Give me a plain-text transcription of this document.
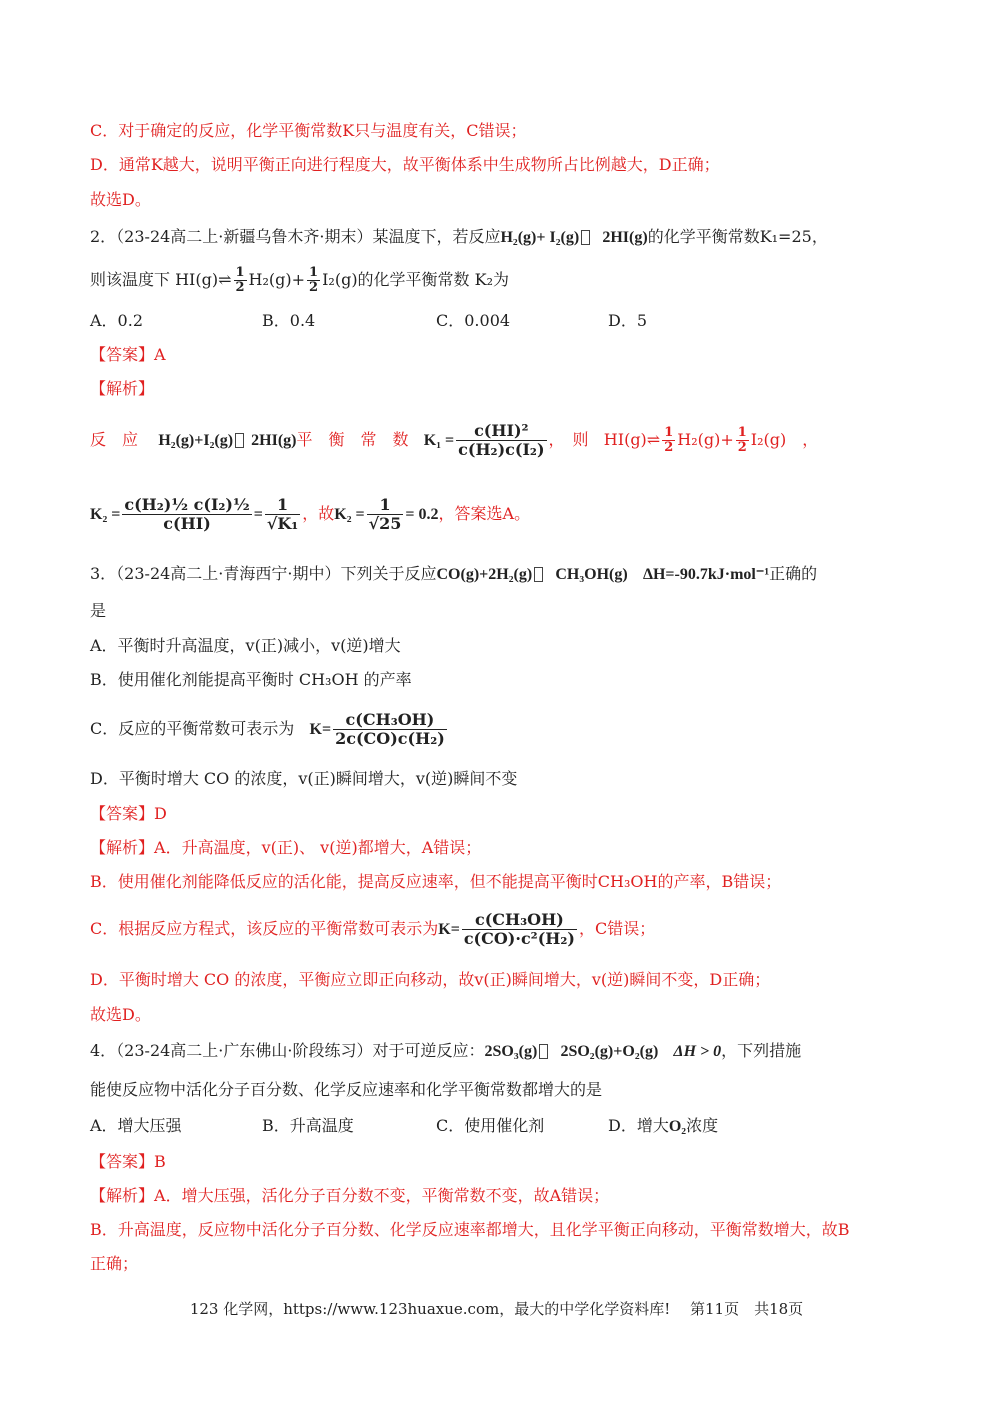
C．对于确定的反应，化学平衡常数K只与温度有关，C错误；
D．通常K越大，说明平衡正向进行程度大，故平衡体系中生成物所占比例越大，D正确；
故选D。
2．（23-24高二上·新疆乌鲁木齐·期末）某温度下，若反应H₂(g)+ I₂(g) 2HI(g)的化学平衡常数K₁=25，
则该温度下 HI(g)⇌ $\frac{1}{2} H_2(g)+ \frac{1}{2} I_2(g)$的化学平衡常数 K₂为
A．0.2	B．0.4	C．0.004	D．5
【答案】A
【解析】
反　应 H₂(g)+I₂(g) 2HI(g)平　衡　常　数 $K_1 = \frac{\text{c(HI)²}}{\text{c(H₂)c(I₂)}}$ ，　则 HI(g)⇌ $\frac{1}{2} H_2(g)+ \frac{1}{2} I_2(g)$　，
$K_2 = \frac{\text{c(H₂)½ c(I₂)½}}{c(HI)} = \frac{1}{\text{√K₁}}$ ，故$K_2 = \frac{1}{√25} = 0.2$，答案选A。
3．（23-24高二上·青海西宁·期中）下列关于反应CO(g)+2H₂(g) CH₃OH(g) ΔH=-90.7kJ·mol⁻¹正确的
是
A．平衡时升高温度，v(正)减小，v(逆)增大
B．使用催化剂能提高平衡时 CH₃OH 的产率
C．反应的平衡常数可表示为 $K= \frac{\text{c(CH₃OH)}}{\text{2c(CO)c(H₂)}}$
D．平衡时增大 CO 的浓度，v(正)瞬间增大，v(逆)瞬间不变
【答案】D
【解析】A．升高温度，v(正)、 v(逆)都增大，A错误；
B．使用催化剂能降低反应的活化能，提高反应速率，但不能提高平衡时CH₃OH的产率，B错误；
C．根据反应方程式，该反应的平衡常数可表示为$K= \frac{\text{c(CH₃OH)}}{\text{c(CO)·c²(H₂)}}$ ，C错误；
D．平衡时增大 CO 的浓度，平衡应立即正向移动，故v(正)瞬间增大，v(逆)瞬间不变，D正确；
故选D。
4．（23-24高二上·广东佛山·阶段练习）对于可逆反应：2SO₃(g) 2SO₂(g)+O₂(g) ΔH > 0，下列措施
能使反应物中活化分子百分数、化学反应速率和化学平衡常数都增大的是
A．增大压强	B．升高温度	C．使用催化剂	D．增大O₂浓度
【答案】B
【解析】A．增大压强，活化分子百分数不变，平衡常数不变，故A错误；
B．升高温度，反应物中活化分子百分数、化学反应速率都增大，且化学平衡正向移动，平衡常数增大，故B
正确；
123 化学网，https://www.123huaxue.com，最大的中学化学资料库!　 第11页　共18页
